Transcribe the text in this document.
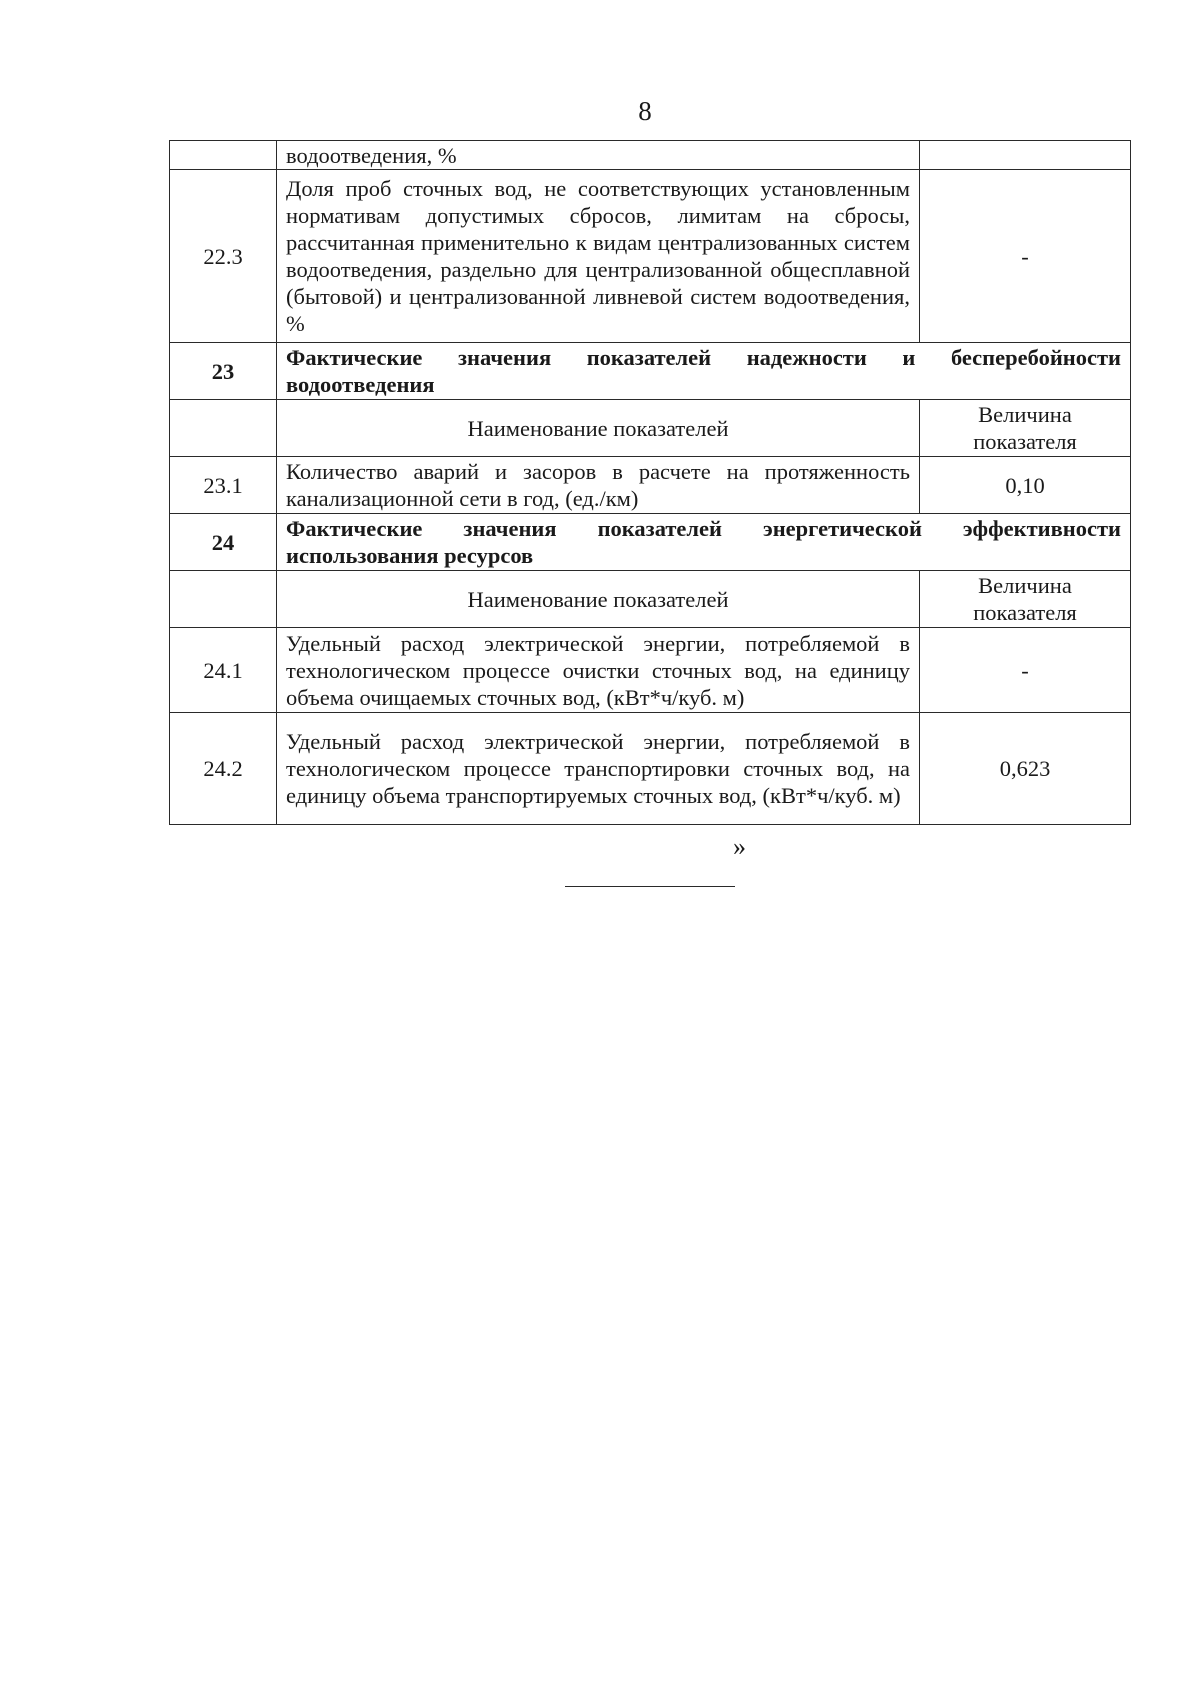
8
	водоотведения, %	
22.3	Доля проб сточных вод, не соответствующих установленным нормативам допустимых сбросов, лимитам на сбросы, рассчитанная применительно к видам централизованных систем водоотведения, раздельно для централизованной общесплавной (бытовой) и централизованной ливневой систем водоотведения, %	-
23	Фактические значения показателей надежности и бесперебойности водоотведения	
	Наименование показателей	Величина показателя
23.1	Количество аварий и засоров в расчете на протяженность канализационной сети в год, (ед./км)	0,10
24	Фактические значения показателей энергетической эффективности использования ресурсов	
	Наименование показателей	Величина показателя
24.1	Удельный расход электрической энергии, потребляемой в технологическом процессе очистки сточных вод, на единицу объема очищаемых сточных вод, (кВт*ч/куб. м)	-
24.2	Удельный расход электрической энергии, потребляемой в технологическом процессе транспортировки сточных вод, на единицу объема транспортируемых сточных вод, (кВт*ч/куб. м)	0,623
»
